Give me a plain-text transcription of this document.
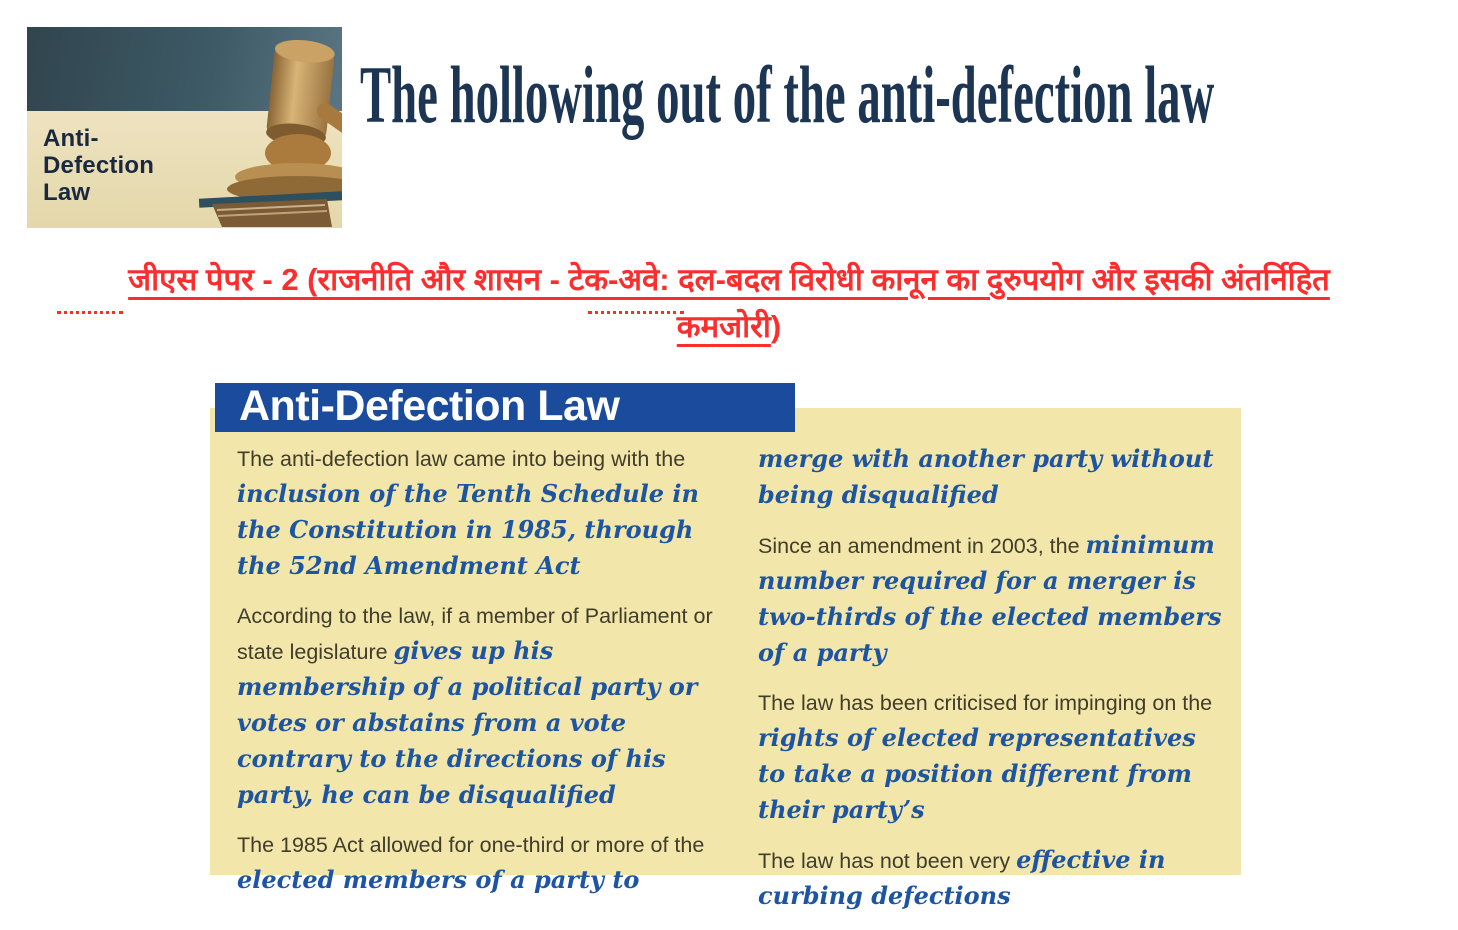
Anti-
Defection
Law
The hollowing out of the anti-defection law
जीएस पेपर - 2 (राजनीति और शासन - टेक-अवे: दल-बदल विरोधी कानून का दुरुपयोग और इसकी अंतर्निहित
कमजोरी)
Anti-Defection Law

The anti-defection law came into being with the inclusion of the Tenth Schedule in the Constitution in 1985, through the 52nd Amendment Act

According to the law, if a member of Parliament or state legislature gives up his membership of a political party or votes or abstains from a vote contrary to the directions of his party, he can be disqualified

The 1985 Act allowed for one-third or more of the elected members of a party to

merge with another party without being disqualified

Since an amendment in 2003, the minimum number required for a merger is two-thirds of the elected members of a party

The law has been criticised for impinging on the rights of elected representatives to take a position different from their party’s

The law has not been very effective in curbing defections
